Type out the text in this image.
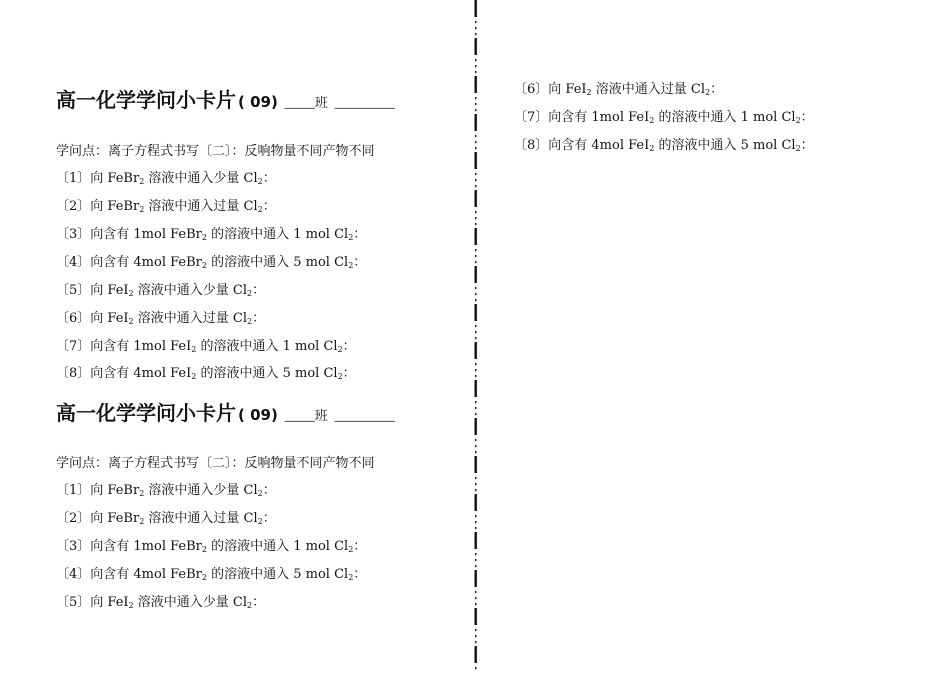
高一化学学问小卡片 ( 09) ____班 ________
学问点：离子方程式书写〔二〕：反响物量不同产物不同
〔1〕向 FeBr$_2$ 溶液中通入少量 $Cl_2$：
〔2〕向 FeBr$_2$ 溶液中通入过量 $Cl_2$：
〔3〕向含有 1mol FeBr$_2$ 的溶液中通入 1 mol $Cl_2$：
〔4〕向含有 4mol FeBr$_2$ 的溶液中通入 5 mol $Cl_2$：
〔5〕向 FeI$_2$ 溶液中通入少量 $Cl_2$：
〔6〕向 FeI$_2$ 溶液中通入过量 $Cl_2$：
〔7〕向含有 1mol FeI$_2$ 的溶液中通入 1 mol $Cl_2$：
〔8〕向含有 4mol FeI$_2$ 的溶液中通入 5 mol $Cl_2$：
高一化学学问小卡片 ( 09) ____班 ________
学问点：离子方程式书写〔二〕：反响物量不同产物不同
〔1〕向 FeBr$_2$ 溶液中通入少量 $Cl_2$：
〔2〕向 FeBr$_2$ 溶液中通入过量 $Cl_2$：
〔3〕向含有 1mol FeBr$_2$ 的溶液中通入 1 mol $Cl_2$：
〔4〕向含有 4mol FeBr$_2$ 的溶液中通入 5 mol $Cl_2$：
〔5〕向 FeI$_2$ 溶液中通入少量 $Cl_2$：
〔6〕向 FeI$_2$ 溶液中通入过量 $Cl_2$：
〔7〕向含有 1mol FeI$_2$ 的溶液中通入 1 mol $Cl_2$：
〔8〕向含有 4mol FeI$_2$ 的溶液中通入 5 mol $Cl_2$：
